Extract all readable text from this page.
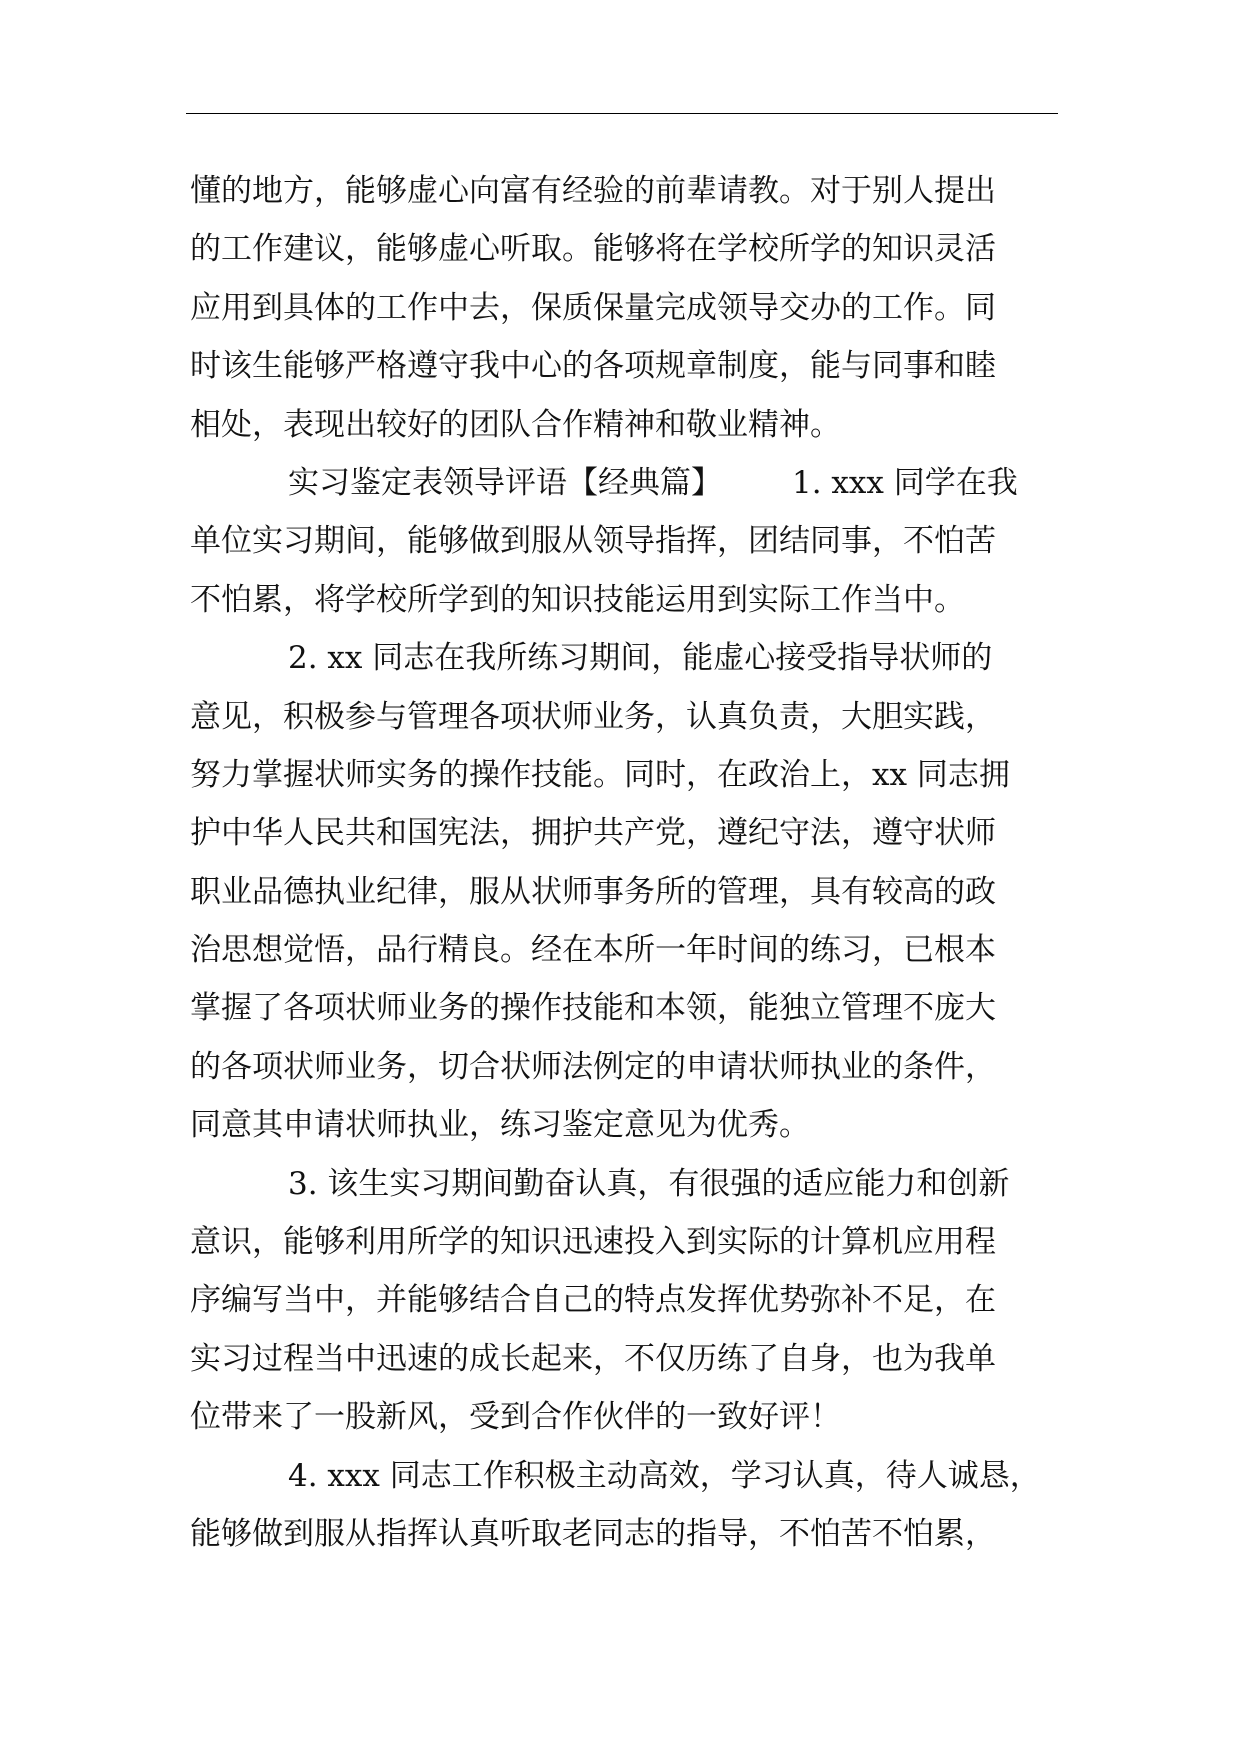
懂的地方，能够虚心向富有经验的前辈请教。对于别人提出
的工作建议，能够虚心听取。能够将在学校所学的知识灵活
应用到具体的工作中去，保质保量完成领导交办的工作。同
时该生能够严格遵守我中心的各项规章制度，能与同事和睦
相处，表现出较好的团队合作精神和敬业精神。
实习鉴定表领导评语【经典篇】 1. xxx 同学在我
单位实习期间，能够做到服从领导指挥，团结同事，不怕苦
不怕累，将学校所学到的知识技能运用到实际工作当中。
2. xx 同志在我所练习期间，能虚心接受指导状师的
意见，积极参与管理各项状师业务，认真负责，大胆实践，
努力掌握状师实务的操作技能。同时，在政治上，xx 同志拥
护中华人民共和国宪法，拥护共产党，遵纪守法，遵守状师
职业品德执业纪律，服从状师事务所的管理，具有较高的政
治思想觉悟，品行精良。经在本所一年时间的练习，已根本
掌握了各项状师业务的操作技能和本领，能独立管理不庞大
的各项状师业务，切合状师法例定的申请状师执业的条件，
同意其申请状师执业，练习鉴定意见为优秀。
3. 该生实习期间勤奋认真，有很强的适应能力和创新
意识，能够利用所学的知识迅速投入到实际的计算机应用程
序编写当中，并能够结合自己的特点发挥优势弥补不足，在
实习过程当中迅速的成长起来，不仅历练了自身，也为我单
位带来了一股新风，受到合作伙伴的一致好评！
4. xxx 同志工作积极主动高效，学习认真，待人诚恳，
能够做到服从指挥认真听取老同志的指导，不怕苦不怕累，
